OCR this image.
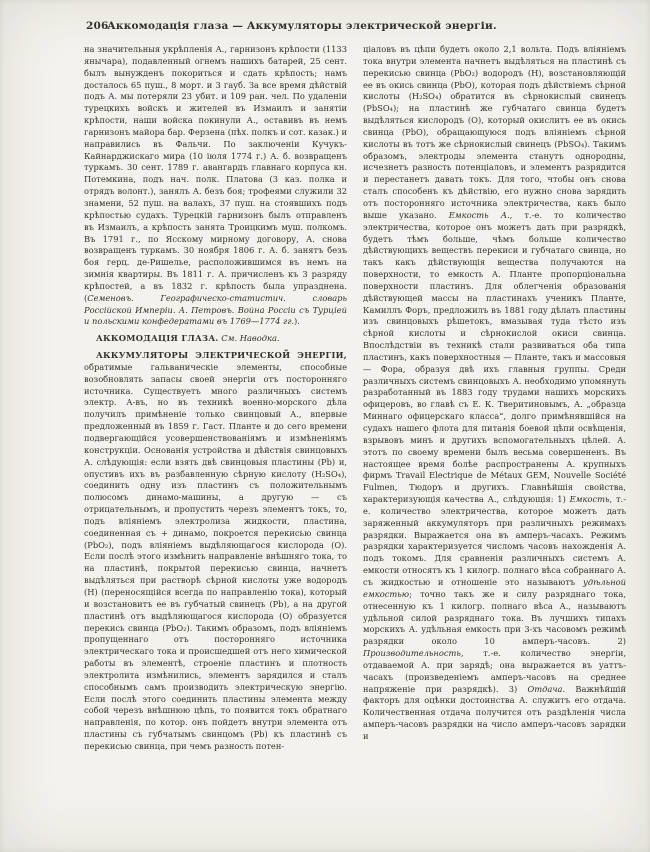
206
Аккомодація глаза — Аккумуляторы электрической энергіи.

на значительныя укрѣпленія А., гарнизонъ крѣпости (1133 янычара), подавленный огнемъ нашихъ батарей, 25 сент. былъ вынужденъ покориться и сдать крѣпость; намъ досталось 65 пуш., 8 морт. и 3 гауб. За все время дѣйствій подъ А. мы потеряли 23 убит. и 109 ран. чел. По удаленіи турецкихъ войскъ и жителей въ Измаилъ и занятіи крѣпости, наши войска покинули А., оставивъ въ немъ гарнизонъ майора бар. Ферзена (пѣх. полкъ и сот. казак.) и направились въ Фальчи. По заключеніи Кучукъ-Кайнарджискаго мира (10 іюля 1774 г.) А. б. возвращенъ туркамъ. 30 сент. 1789 г. авангардъ главнаго корпуса кн. Потемкина, подъ нач. полк. Платова (3 каз. полка и отрядъ волонт.), занялъ А. безъ боя; трофеями служили 32 знамени, 52 пуш. на валахъ, 37 пуш. на стоявшихъ подъ крѣпостью судахъ. Турецкій гарнизонъ былъ отправленъ въ Измаилъ, а крѣпость занята Троицкимъ муш. полкомъ. Въ 1791 г., по Ясскому мирному договору, А. снова возвращенъ туркамъ. 30 ноября 1806 г. А. б. занятъ безъ боя герц. де-Ришелье, расположившимся въ немъ на зимнія квартиры. Въ 1811 г. А. причисленъ къ 3 разряду крѣпостей, а въ 1832 г. крѣпость была упразднена. (Семеновъ. Географическо-статистич. словарь Россійской Имперіи. А. Петровъ. Война Россіи съ Турціей и польскими конфедератами въ 1769—1774 гг.).

АККОМОДАЦІЯ ГЛАЗА. См. Наводка.

АККУМУЛЯТОРЫ ЭЛЕКТРИЧЕСКОЙ ЭНЕРГІИ, обратимые гальваническіе элементы, способные возобновлять запасы своей энергіи отъ посторонняго источника. Существуетъ много различныхъ системъ электр. А-въ, но въ техникѣ военно-морского дѣла получилъ примѣненіе только свинцовый А., впервые предложенный въ 1859 г. Гаст. Планте и до сего времени подвергающійся усовершенствованіямъ и измѣненіямъ конструкціи. Основанія устройства и дѣйствія свинцовыхъ А. слѣдующія: если взять двѣ свинцовыя пластины (Pb) и, опустивъ ихъ въ разбавленную сѣрную кислоту (H₂SO₄), соединить одну изъ пластинъ съ положительнымъ полюсомъ динамо-машины, а другую — съ отрицательнымъ, и пропустить черезъ элементъ токъ, то, подъ вліяніемъ электролиза жидкости, пластина, соединенная съ + динамо, покроется перекисью свинца (PbO₂), подъ вліяніемъ выдѣляющагося кислорода (O). Если послѣ этого измѣнить направленіе внѣшняго тока, то на пластинѣ, покрытой перекисью свинца, начнетъ выдѣляться при растворѣ сѣрной кислоты уже водородъ (H) (переносящійся всегда по направленію тока), который и возстановитъ ее въ губчатый свинецъ (Pb), а на другой пластинѣ отъ выдѣляющагося кислорода (O) образуется перекись свинца (PbO₂). Такимъ образомъ, подъ вліяніемъ пропущеннаго отъ посторонняго источника электрическаго тока и происшедшей отъ него химической работы въ элементѣ, строеніе пластинъ и плотность электролита измѣнились, элементъ зарядился и сталъ способнымъ самъ производить электрическую энергію. Если послѣ этого соединить пластины элемента между собой черезъ внѣшнюю цѣпь, то появится токъ обратнаго направленія, по котор. онъ пойдетъ внутри элемента отъ пластины съ губчатымъ свинцомъ (Pb) къ пластинѣ съ перекисью свинца, при чемъ разность потен-

ціаловъ въ цѣпи будетъ около 2,1 вольта. Подъ вліяніемъ тока внутри элемента начнетъ выдѣляться на пластинѣ съ перекисью свинца (PbO₂) водородъ (H), возстановляющій ее въ окись свинца (PbO), которая подъ дѣйствіемъ сѣрной кислоты (H₂SO₄) обратится въ сѣрнокислый свинецъ (PbSO₄); на пластинѣ же губчатаго свинца будетъ выдѣляться кислородъ (O), который окислитъ ее въ окись свинца (PbO), обращающуюся подъ вліяніемъ сѣрной кислоты въ тотъ же сѣрнокислый свинецъ (PbSO₄). Такимъ образомъ, электроды элемента станутъ однородны, исчезнетъ разность потенціаловъ, и элементъ разрядится и перестанетъ давать токъ. Для того, чтобы онъ снова сталъ способенъ къ дѣйствію, его нужно снова зарядить отъ посторонняго источника электричества, какъ было выше указано. Емкость А., т.-е. то количество электричества, которое онъ можетъ дать при разрядкѣ, будетъ тѣмъ больше, чѣмъ больше количество дѣйствующихъ веществъ перекиси и губчатаго свинца, но такъ какъ дѣйствующія вещества получаются на поверхности, то емкость А. Планте пропорціональна поверхности пластинъ. Для облегченія образованія дѣйствующей массы на пластинахъ ученикъ Планте, Камиллъ Форъ, предложилъ въ 1881 году дѣлать пластины изъ свинцовыхъ рѣшетокъ, вмазывая туда тѣсто изъ сѣрной кислоты и сѣрнокислой окиси свинца. Впослѣдствіи въ техникѣ стали развиваться оба типа пластинъ, какъ поверхностныя — Планте, такъ и массовыя — Фора, образуя двѣ ихъ главныя группы. Среди различныхъ системъ свинцовыхъ А. необходимо упомянуть разработанный въ 1883 году трудами нашихъ морскихъ офицеровъ, во главѣ съ Е. К. Тверитиновымъ, А. „образца Миннаго офицерскаго класса“, долго примѣнявшійся на судахъ нашего флота для питанія боевой цѣпи освѣщенія, взрывовъ минъ и другихъ вспомогательныхъ цѣлей. А. этотъ по своему времени былъ весьма совершененъ. Въ настоящее время болѣе распространены А. крупныхъ фирмъ Travail Electrique de Métaux GEM, Nouvelle Société Fulmen, Тюдоръ и другихъ. Главнѣйшія свойства, характеризующія качества А., слѣдующія: 1) Емкость, т.-е. количество электричества, которое можетъ дать заряженный аккумуляторъ при различныхъ режимахъ разрядки. Выражается она въ амперъ-часахъ. Режимъ разрядки характеризуется числомъ часовъ нахожденія А. подъ токомъ. Для сравненія различныхъ системъ А. емкости относятъ къ 1 килогр. полнаго вѣса собраннаго А. съ жидкостью и отношеніе это называютъ удѣльной емкостью; точно такъ же и силу разряднаго тока, отнесенную къ 1 килогр. полнаго вѣса А., называютъ удѣльной силой разряднаго тока. Въ лучшихъ типахъ морскихъ А. удѣльная емкость при 3-хъ часовомъ режимѣ разрядки около 10 амперъ-часовъ. 2) Производительность, т.-е. количество энергіи, отдаваемой А. при зарядѣ; она выражается въ уаттъ-часахъ (произведеніемъ амперъ-часовъ на среднее напряженіе при разрядкѣ). 3) Отдача. Важнѣйшій факторъ для оцѣнки достоинства А. служитъ его отдача. Количественная отдача получится отъ раздѣленія числа амперъ-часовъ разрядки на число амперъ-часовъ зарядки и
